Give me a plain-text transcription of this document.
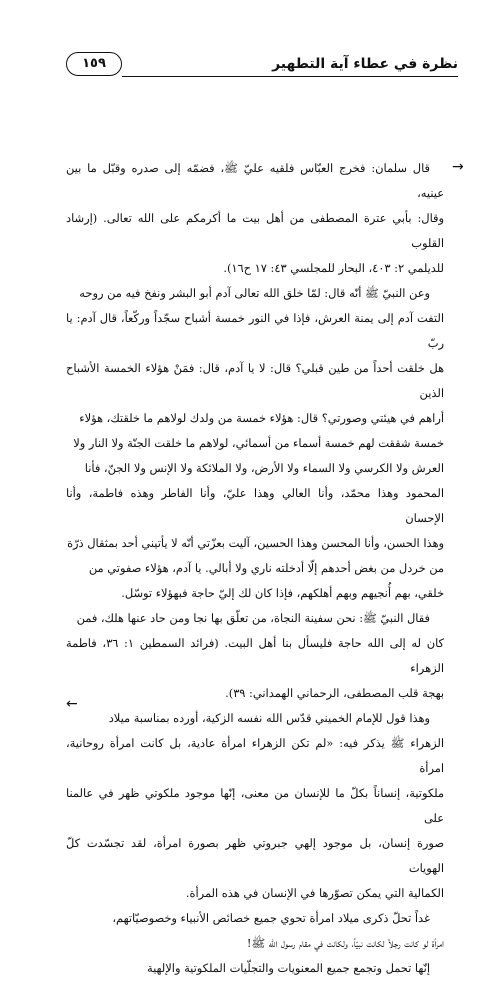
نظرة في عطاء آية التطهير
١٥٩
→

قال سلمان: فخرج العبّاس فلقيه عليّ ﷺ، فضمّه إلى صدره وقبّل ما بين عينيه،

وقال: بأبي عترة المصطفى من أهل بيت ما أكرمكم على الله تعالى. (إرشاد القلوب

للديلمي ٢: ٤٠٣، البحار للمجلسي ٤٣: ١٧ ح١٦).

وعن النبيّ ﷺ أنّه قال: لمّا خلق الله تعالى آدم أبو البشر ونفخ فيه من روحه

التفت آدم إلى يمنة العرش، فإذا في النور خمسة أشباح سجّداً وركّعاً، قال آدم: يا ربّ

هل خلقت أحداً من طين قبلي؟ قال: لا يا آدم، قال: فمَنْ هؤلاء الخمسة الأشباح الذين

أراهم في هيئتي وصورتي؟ قال: هؤلاء خمسة من ولدك لولاهم ما خلقتك، هؤلاء

خمسة شققت لهم خمسة أسماء من أسمائي، لولاهم ما خلقت الجنّة ولا النار ولا

العرش ولا الكرسي ولا السماء ولا الأرض، ولا الملائكة ولا الإنس ولا الجنّ، فأنا

المحمود وهذا محمّد، وأنا العالي وهذا عليّ، وأنا الفاطر وهذه فاطمة، وأنا الإحسان

وهذا الحسن، وأنا المحسن وهذا الحسين، آليت بعزّتي أنّه لا يأتيني أحد بمثقال ذرّة

من خردل من بغض أحدهم إلّا أدخلته ناري ولا أبالي. يا آدم، هؤلاء صفوتي من

خلقي، بهم أُنجيهم وبهم أهلكهم، فإذا كان لك إليّ حاجة فبهؤلاء توسّل.

فقال النبيّ ﷺ: نحن سفينة النجاة، من تعلّق بها نجا ومن حاد عنها هلك، فمن

كان له إلى الله حاجة فليسأل بنا أهل البيت. (فرائد السمطين ١: ٣٦، فاطمة الزهراء

بهجة قلب المصطفى، الرحماني الهمداني: ٣٩).

وهذا قول للإمام الخميني قدّس الله نفسه الزكية، أورده بمناسبة ميلاد

الزهراء ﷺ يذكر فيه: «لم تكن الزهراء امرأة عادية، بل كانت امرأة روحانية، امرأة

ملكوتية، إنساناً بكلّ ما للإنسان من معنى، إنّها موجود ملكوتي ظهر في عالمنا على

صورة إنسان، بل موجود إلهي جبروتي ظهر بصورة امرأة، لقد تجسّدت كلّ الهويات

الكمالية التي يمكن تصوّرها في الإنسان في هذه المرأة.

غداً تحلّ ذكرى ميلاد امرأة تحوي جميع خصائص الأنبياء وخصوصيّاتهم،

امرأة لو كانت رجلاً لكانت نبيّاً، ولكانت في مقام رسول الله ﷺ!

إنّها تحمل وتجمع جميع المعنويات والتجلّيات الملكوتية والإلهية

←
